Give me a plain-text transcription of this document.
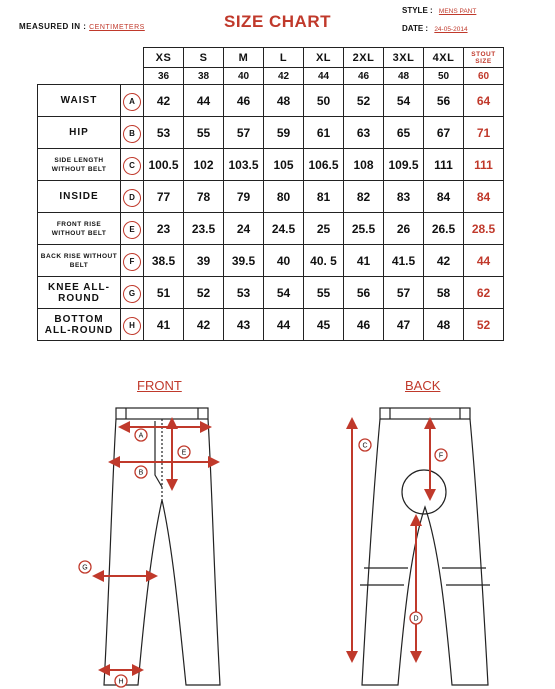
MEASURED IN : CENTIMETERS	SIZE CHART
STYLE : MENS PANT
DATE : 24-05-2014
		XS	S	M	L	XL	2XL	3XL	4XL	STOUT SIZE
		36	38	40	42	44	46	48	50	60
WAIST	A	42	44	46	48	50	52	54	56	64
HIP	B	53	55	57	59	61	63	65	67	71
SIDE LENGTH WITHOUT BELT	C	100.5	102	103.5	105	106.5	108	109.5	111	111
INSIDE	D	77	78	79	80	81	82	83	84	84
FRONT RISE WITHOUT BELT	E	23	23.5	24	24.5	25	25.5	26	26.5	28.5
BACK RISE WITHOUT BELT	F	38.5	39	39.5	40	40. 5	41	41.5	42	44
KNEE ALL-ROUND	G	51	52	53	54	55	56	57	58	62
BOTTOM ALL-ROUND	H	41	42	43	44	45	46	47	48	52
FRONT	BACK
A
B
E
G
H
C
F
D
